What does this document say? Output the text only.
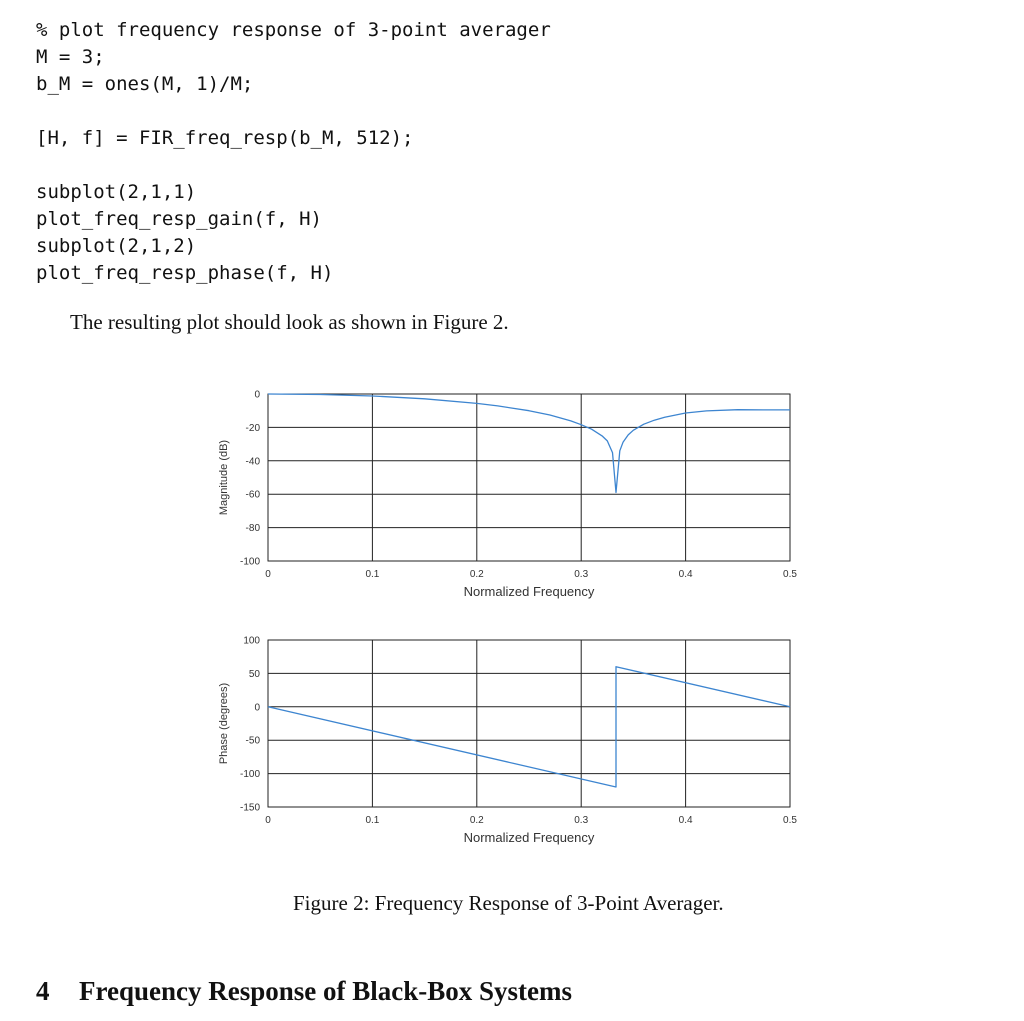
% plot frequency response of 3-point averager
M = 3;
b_M = ones(M, 1)/M;
[H, f] = FIR_freq_resp(b_M, 512);
subplot(2,1,1)
plot_freq_resp_gain(f, H)
subplot(2,1,2)
plot_freq_resp_phase(f, H)
The resulting plot should look as shown in Figure 2.
0	0.1	0.2	0.3	0.4	0.5
0
-20
-40
-60
-80
-100
Normalized Frequency
Magnitude (dB)
0	0.1	0.2	0.3	0.4	0.5
100
50
0
-50
-100
-150
Normalized Frequency
Phase (degrees)
Figure 2: Frequency Response of 3-Point Averager.
4 Frequency Response of Black-Box Systems
